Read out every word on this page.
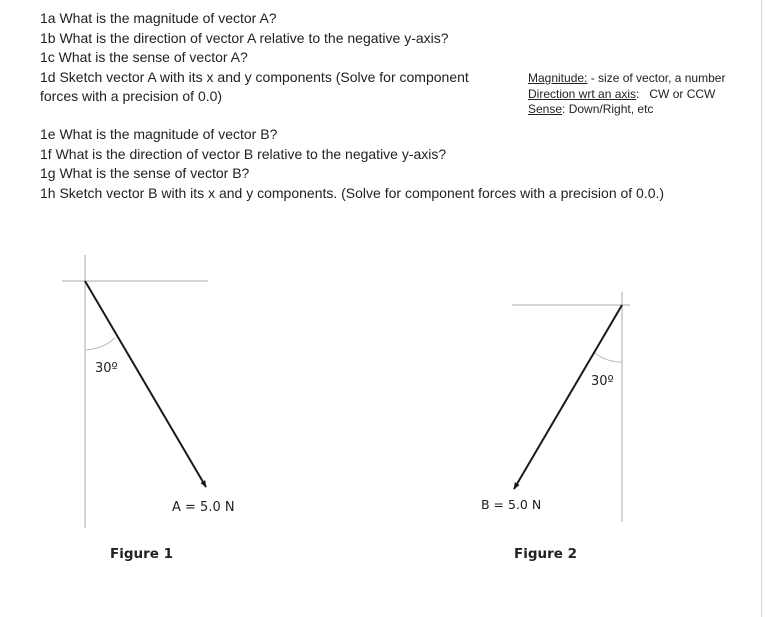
1a What is the magnitude of vector A?
1b What is the direction of vector A relative to the negative y-axis?
1c What is the sense of vector A?
1d Sketch vector A with its x and y components (Solve for component
forces with a precision of 0.0)
Magnitude: - size of vector, a number
Direction wrt an axis:   CW or CCW
Sense: Down/Right, etc
1e What is the magnitude of vector B?
1f What is the direction of vector B relative to the negative y-axis?
1g What is the sense of vector B?
1h Sketch vector B with its x and y components. (Solve for component forces with a precision of 0.0.)
30º
A = 5.0 N
Figure 1
30º
B = 5.0 N
Figure 2
